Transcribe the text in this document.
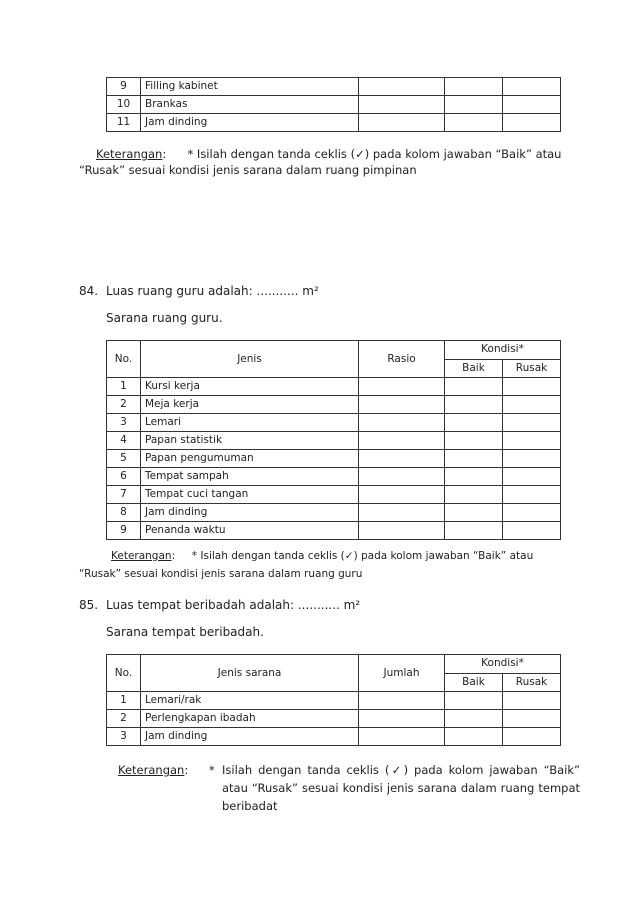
9	Filling kabinet			
10	Brankas			
11	Jam dinding			
Keterangan: * Isilah dengan tanda ceklis (✓) pada kolom jawaban “Baik” atau
“Rusak” sesuai kondisi jenis sarana dalam ruang pimpinan
84. Luas ruang guru adalah: ........... m²
Sarana ruang guru.
No.	Jenis	Rasio	Kondisi*	
			Baik	Rusak
1	Kursi kerja			
2	Meja kerja			
3	Lemari			
4	Papan statistik			
5	Papan pengumuman			
6	Tempat sampah			
7	Tempat cuci tangan			
8	Jam dinding			
9	Penanda waktu			
Keterangan: * Isilah dengan tanda ceklis (✓) pada kolom jawaban “Baik” atau
“Rusak” sesuai kondisi jenis sarana dalam ruang guru
85. Luas tempat beribadah adalah: ........... m²
Sarana tempat beribadah.
No.	Jenis sarana	Jumlah	Kondisi*	
			Baik	Rusak
1	Lemari/rak			
2	Perlengkapan ibadah			
3	Jam dinding			
Keterangan: * Isilah dengan tanda ceklis (✓) pada kolom jawaban “Baik” atau “Rusak” sesuai kondisi jenis sarana dalam ruang tempat beribadat
